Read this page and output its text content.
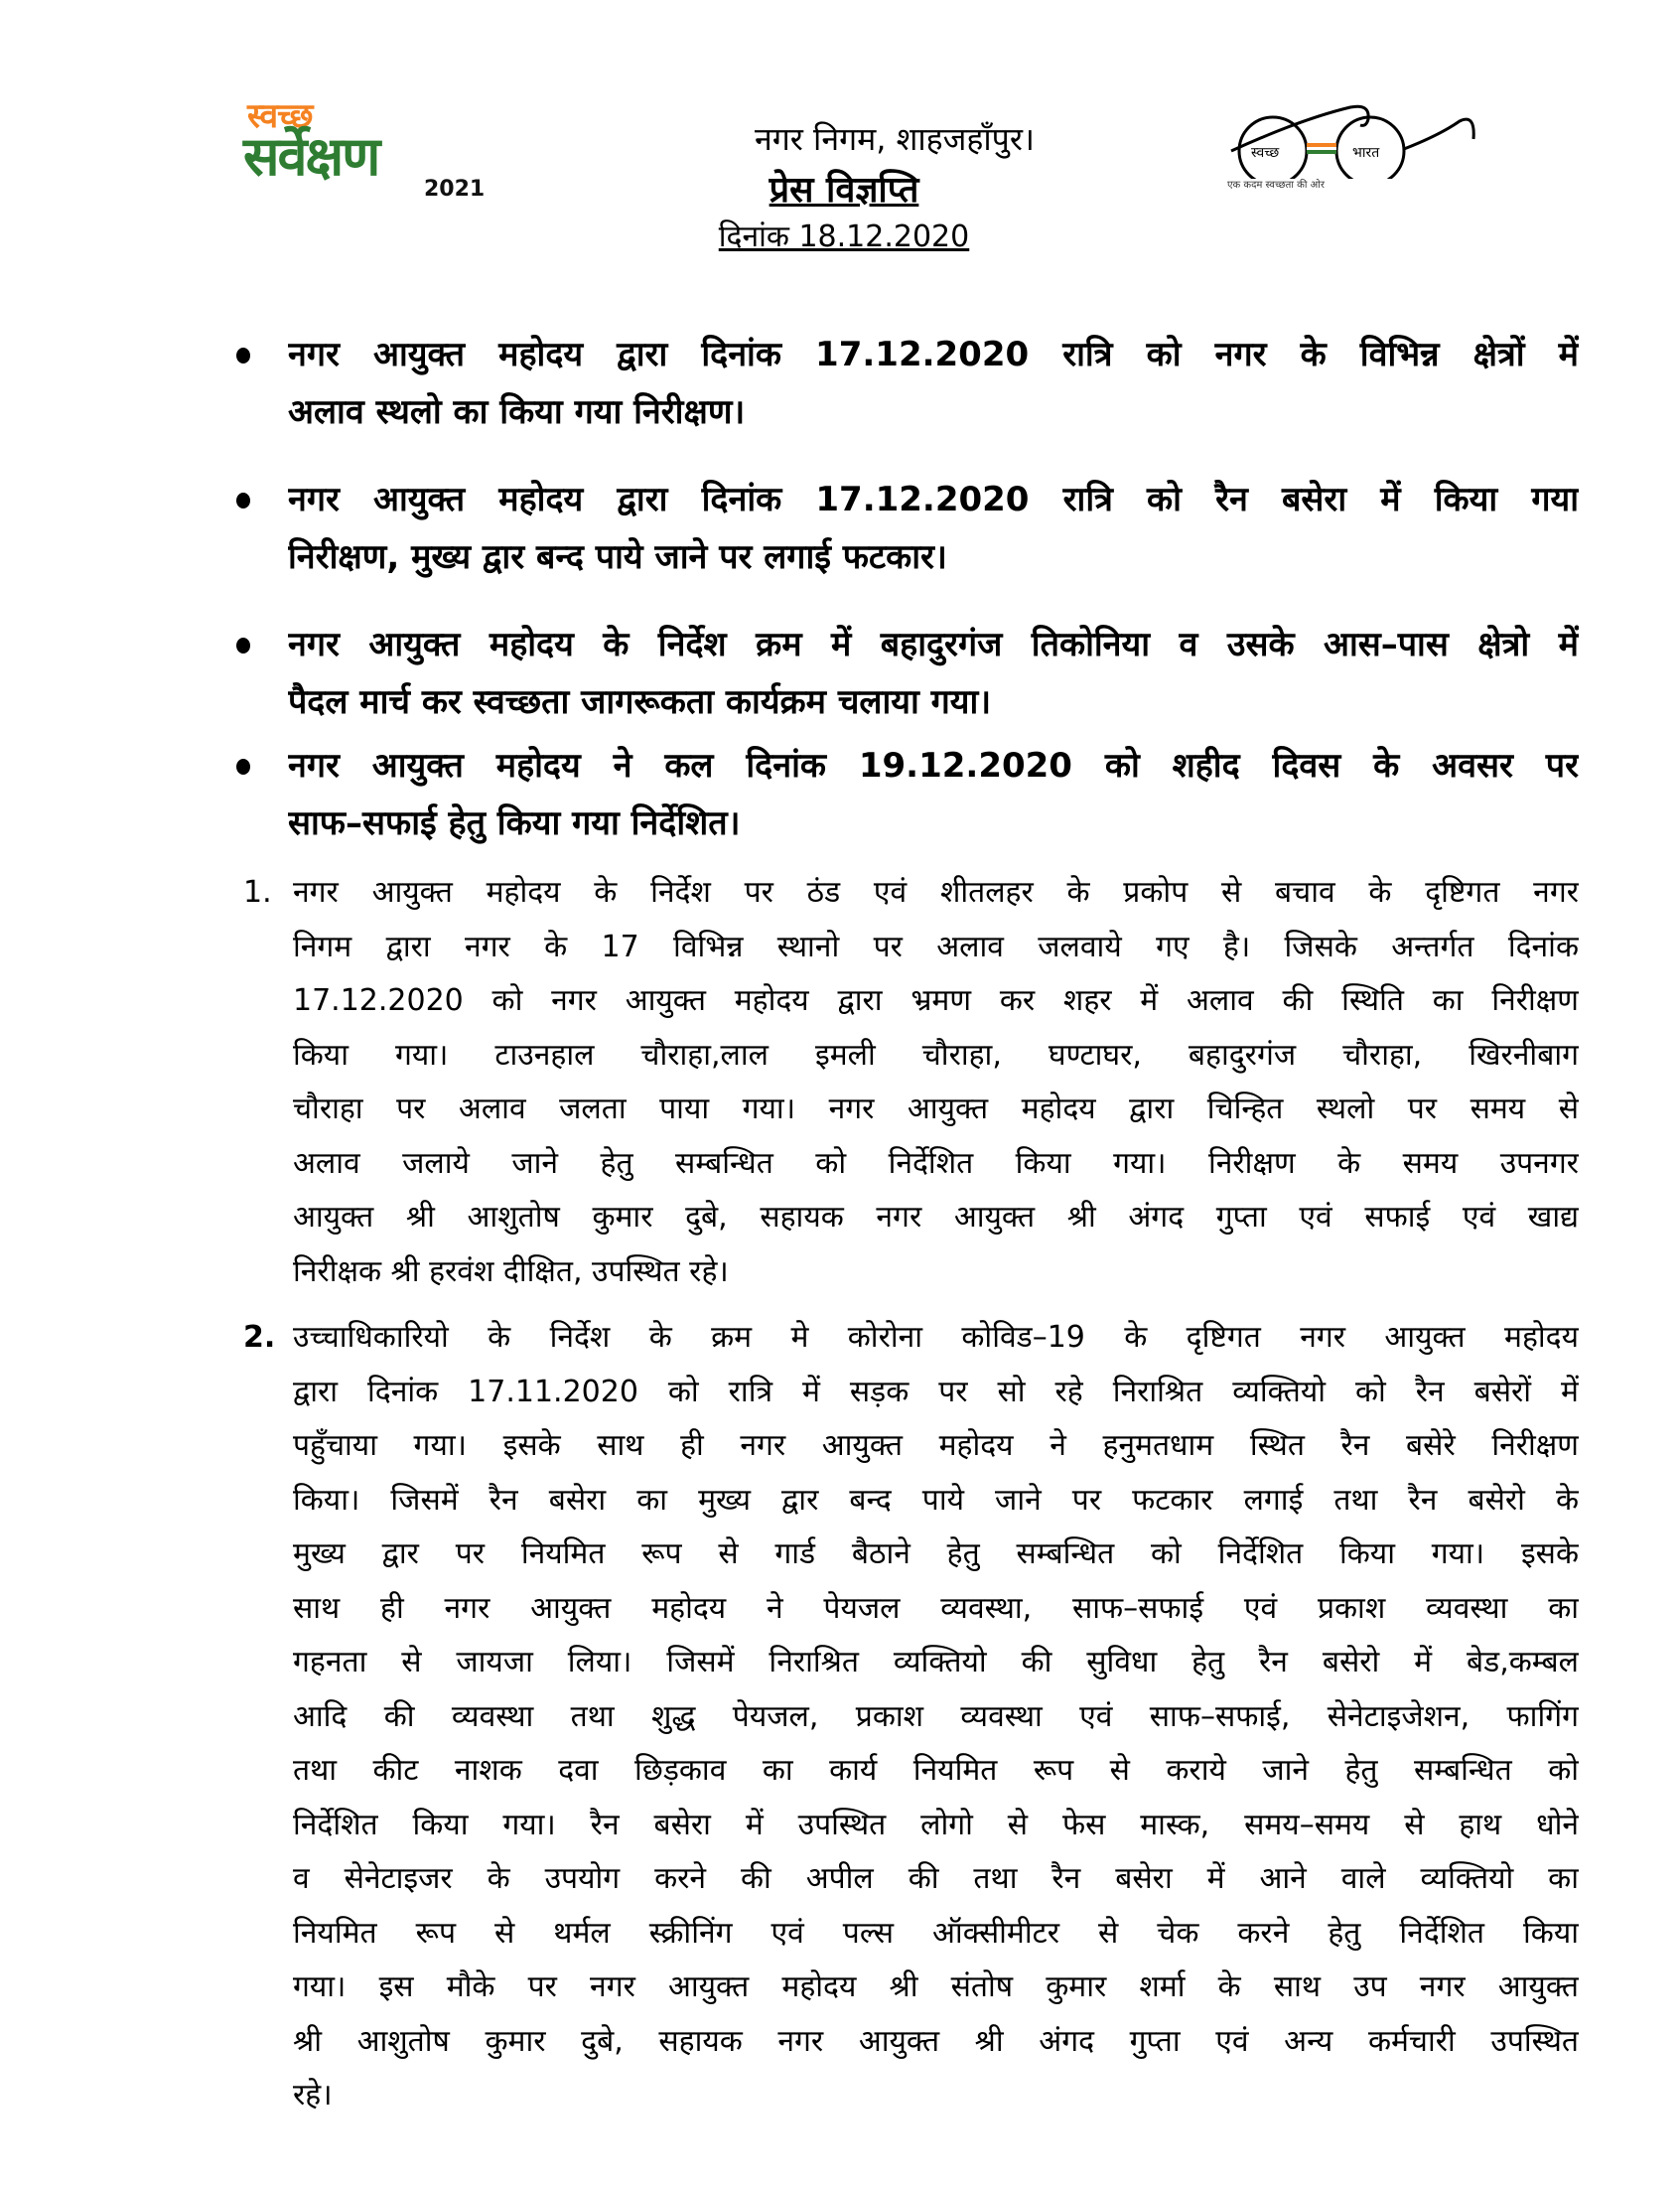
स्वच्छ
सर्वेक्षण
2021
नगर निगम, शाहजहाँपुर।
प्रेस विज्ञप्ति
दिनांक 18.12.2020
स्वच्छ	भारत
एक कदम स्वच्छता की ओर
नगर आयुक्त महोदय द्वारा दिनांक 17.12.2020 रात्रि को नगर के विभिन्न क्षेत्रों में
अलाव स्थलो का किया गया निरीक्षण।
नगर आयुक्त महोदय द्वारा दिनांक 17.12.2020 रात्रि को रैन बसेरा में किया गया
निरीक्षण, मुख्य द्वार बन्द पाये जाने पर लगाई फटकार।
नगर आयुक्त महोदय के निर्देश क्रम में बहादुरगंज तिकोनिया व उसके आस–पास क्षेत्रो में
पैदल मार्च कर स्वच्छता जागरूकता कार्यक्रम चलाया गया।
नगर आयुक्त महोदय ने कल दिनांक 19.12.2020 को शहीद दिवस के अवसर पर
साफ–सफाई हेतु किया गया निर्देशित।
1. नगर आयुक्त महोदय के निर्देश पर ठंड एवं शीतलहर के प्रकोप से बचाव के दृष्टिगत नगर
निगम द्वारा नगर के 17 विभिन्न स्थानो पर अलाव जलवाये गए है। जिसके अन्तर्गत दिनांक
17.12.2020 को नगर आयुक्त महोदय द्वारा भ्रमण कर शहर में अलाव की स्थिति का निरीक्षण
किया गया। टाउनहाल चौराहा,लाल इमली चौराहा, घण्टाघर, बहादुरगंज चौराहा, खिरनीबाग
चौराहा पर अलाव जलता पाया गया। नगर आयुक्त महोदय द्वारा चिन्हित स्थलो पर समय से
अलाव जलाये जाने हेतु सम्बन्धित को निर्देशित किया गया। निरीक्षण के समय उपनगर
आयुक्त श्री आशुतोष कुमार दुबे, सहायक नगर आयुक्त श्री अंगद गुप्ता एवं सफाई एवं खाद्य
निरीक्षक श्री हरवंश दीक्षित, उपस्थित रहे।
2. उच्चाधिकारियो के निर्देश के क्रम मे कोरोना कोविड–19 के दृष्टिगत नगर आयुक्त महोदय
द्वारा दिनांक 17.11.2020 को रात्रि में सड़क पर सो रहे निराश्रित व्यक्तियो को रैन बसेरों में
पहुँचाया गया। इसके साथ ही नगर आयुक्त महोदय ने हनुमतधाम स्थित रैन बसेरे निरीक्षण
किया। जिसमें रैन बसेरा का मुख्य द्वार बन्द पाये जाने पर फटकार लगाई तथा रैन बसेरो के
मुख्य द्वार पर नियमित रूप से गार्ड बैठाने हेतु सम्बन्धित को निर्देशित किया गया। इसके
साथ ही नगर आयुक्त महोदय ने पेयजल व्यवस्था, साफ–सफाई एवं प्रकाश व्यवस्था का
गहनता से जायजा लिया। जिसमें निराश्रित व्यक्तियो की सुविधा हेतु रैन बसेरो में बेड,कम्बल
आदि की व्यवस्था तथा शुद्ध पेयजल, प्रकाश व्यवस्था एवं साफ–सफाई, सेनेटाइजेशन, फागिंग
तथा कीट नाशक दवा छिड़काव का कार्य नियमित रूप से कराये जाने हेतु सम्बन्धित को
निर्देशित किया गया। रैन बसेरा में उपस्थित लोगो से फेस मास्क, समय–समय से हाथ धोने
व सेनेटाइजर के उपयोग करने की अपील की तथा रैन बसेरा में आने वाले व्यक्तियो का
नियमित रूप से थर्मल स्क्रीनिंग एवं पल्स ऑक्सीमीटर से चेक करने हेतु निर्देशित किया
गया। इस मौके पर नगर आयुक्त महोदय श्री संतोष कुमार शर्मा के साथ उप नगर आयुक्त
श्री आशुतोष कुमार दुबे, सहायक नगर आयुक्त श्री अंगद गुप्ता एवं अन्य कर्मचारी उपस्थित
रहे।
